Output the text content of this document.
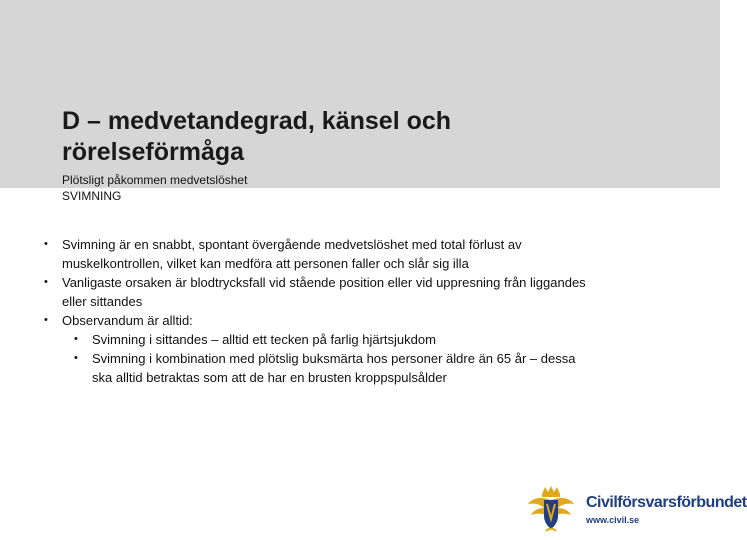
D – medvetandegrad, känsel och
rörelseförmåga
Plötsligt påkommen medvetslöshet
SVIMNING
• Svimning är en snabbt, spontant övergående medvetslöshet med total förlust av
muskelkontrollen, vilket kan medföra att personen faller och slår sig illa
• Vanligaste orsaken är blodtrycksfall vid stående position eller vid uppresning från liggandes
eller sittandes
• Observandum är alltid:
• Svimning i sittandes – alltid ett tecken på farlig hjärtsjukdom
• Svimning i kombination med plötslig buksmärta hos personer äldre än 65 år – dessa
ska alltid betraktas som att de har en brusten kroppspulsålder
Civilförsvarsförbundet
www.civil.se
